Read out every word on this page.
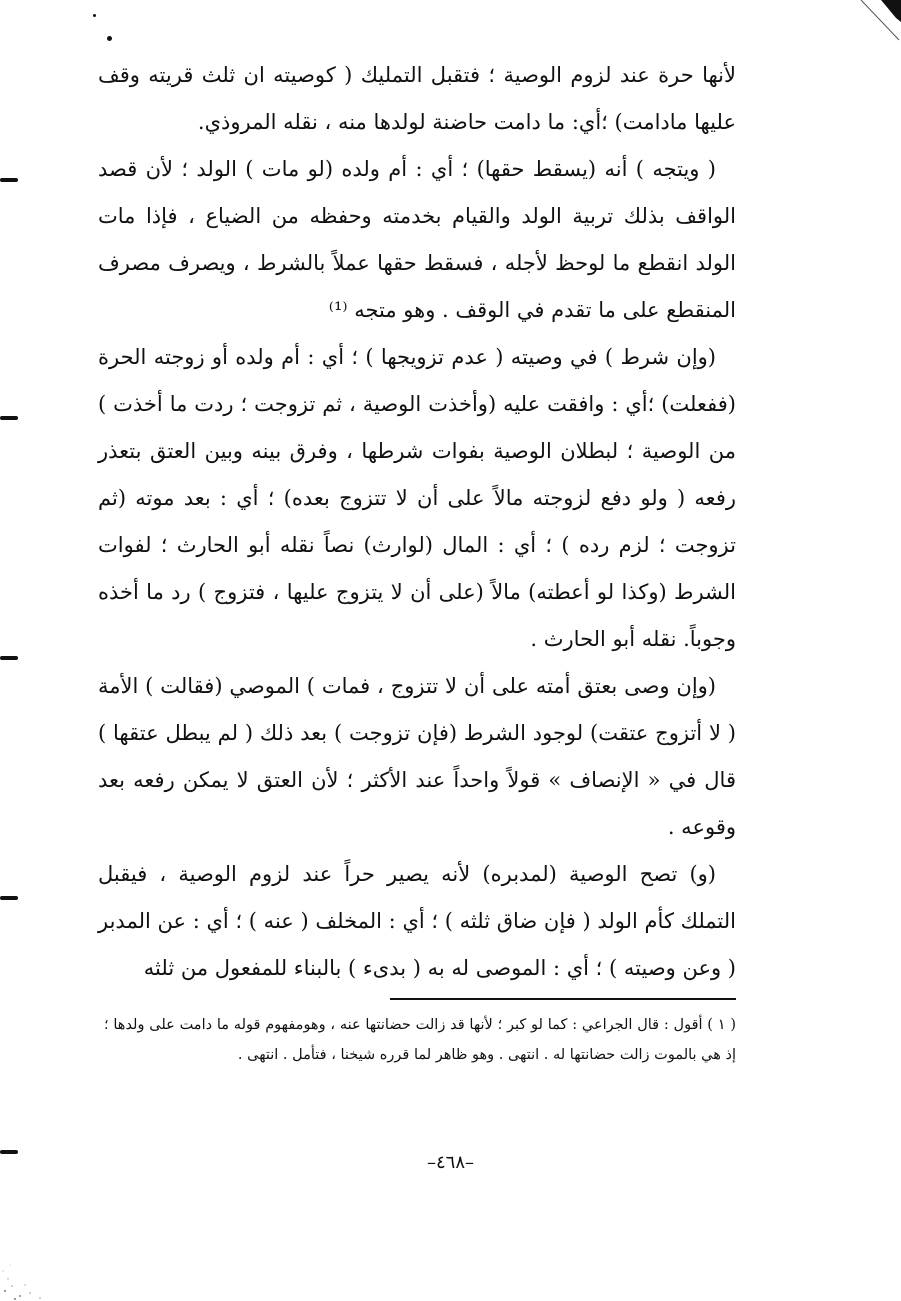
لأنها حرة عند لزوم الوصية ؛ فتقبل التمليك ( كوصيته ان ثلث قريته وقف عليها مادامت) ؛أي: ما دامت حاضنة لولدها منه ، نقله المروذي.

( ويتجه ) أنه (يسقط حقها) ؛ أي : أم ولده (لو مات ) الولد ؛ لأن قصد الواقف بذلك تربية الولد والقيام بخدمته وحفظه من الضياع ، فإذا مات الولد انقطع ما لوحظ لأجله ، فسقط حقها عملاً بالشرط ، ويصرف مصرف المنقطع على ما تقدم في الوقف . وهو متجه ⁽¹⁾

(وإن شرط ) في وصيته ( عدم تزويجها ) ؛ أي : أم ولده أو زوجته الحرة (ففعلت) ؛أي : وافقت عليه (وأخذت الوصية ، ثم تزوجت ؛ ردت ما أخذت ) من الوصية ؛ لبطلان الوصية بفوات شرطها ، وفرق بينه وبين العتق بتعذر رفعه ( ولو دفع لزوجته مالاً على أن لا تتزوج بعده) ؛ أي : بعد موته (ثم تزوجت ؛ لزم رده ) ؛ أي : المال (لوارث) نصاً نقله أبو الحارث ؛ لفوات الشرط (وكذا لو أعطته) مالاً (على أن لا يتزوج عليها ، فتزوج ) رد ما أخذه وجوباً. نقله أبو الحارث .

(وإن وصى بعتق أمته على أن لا تتزوج ، فمات ) الموصي (فقالت ) الأمة ( لا أتزوج عتقت) لوجود الشرط (فإن تزوجت ) بعد ذلك ( لم يبطل عتقها ) قال في « الإنصاف » قولاً واحداً عند الأكثر ؛ لأن العتق لا يمكن رفعه بعد وقوعه .

(و) تصح الوصية (لمدبره) لأنه يصير حراً عند لزوم الوصية ، فيقبل التملك كأم الولد ( فإن ضاق ثلثه ) ؛ أي : المخلف ( عنه ) ؛ أي : عن المدبر ( وعن وصيته ) ؛ أي : الموصى له به ( بدىء ) بالبناء للمفعول من ثلثه

( ١ ) أقول : قال الجراعي : كما لو كبر ؛ لأنها قد زالت حضانتها عنه ، وهومفهوم قوله ما دامت على ولدها ؛ إذ هي بالموت زالت حضانتها له . انتهى . وهو ظاهر لما قرره شيخنا ، فتأمل . انتهى .

–٤٦٨–
